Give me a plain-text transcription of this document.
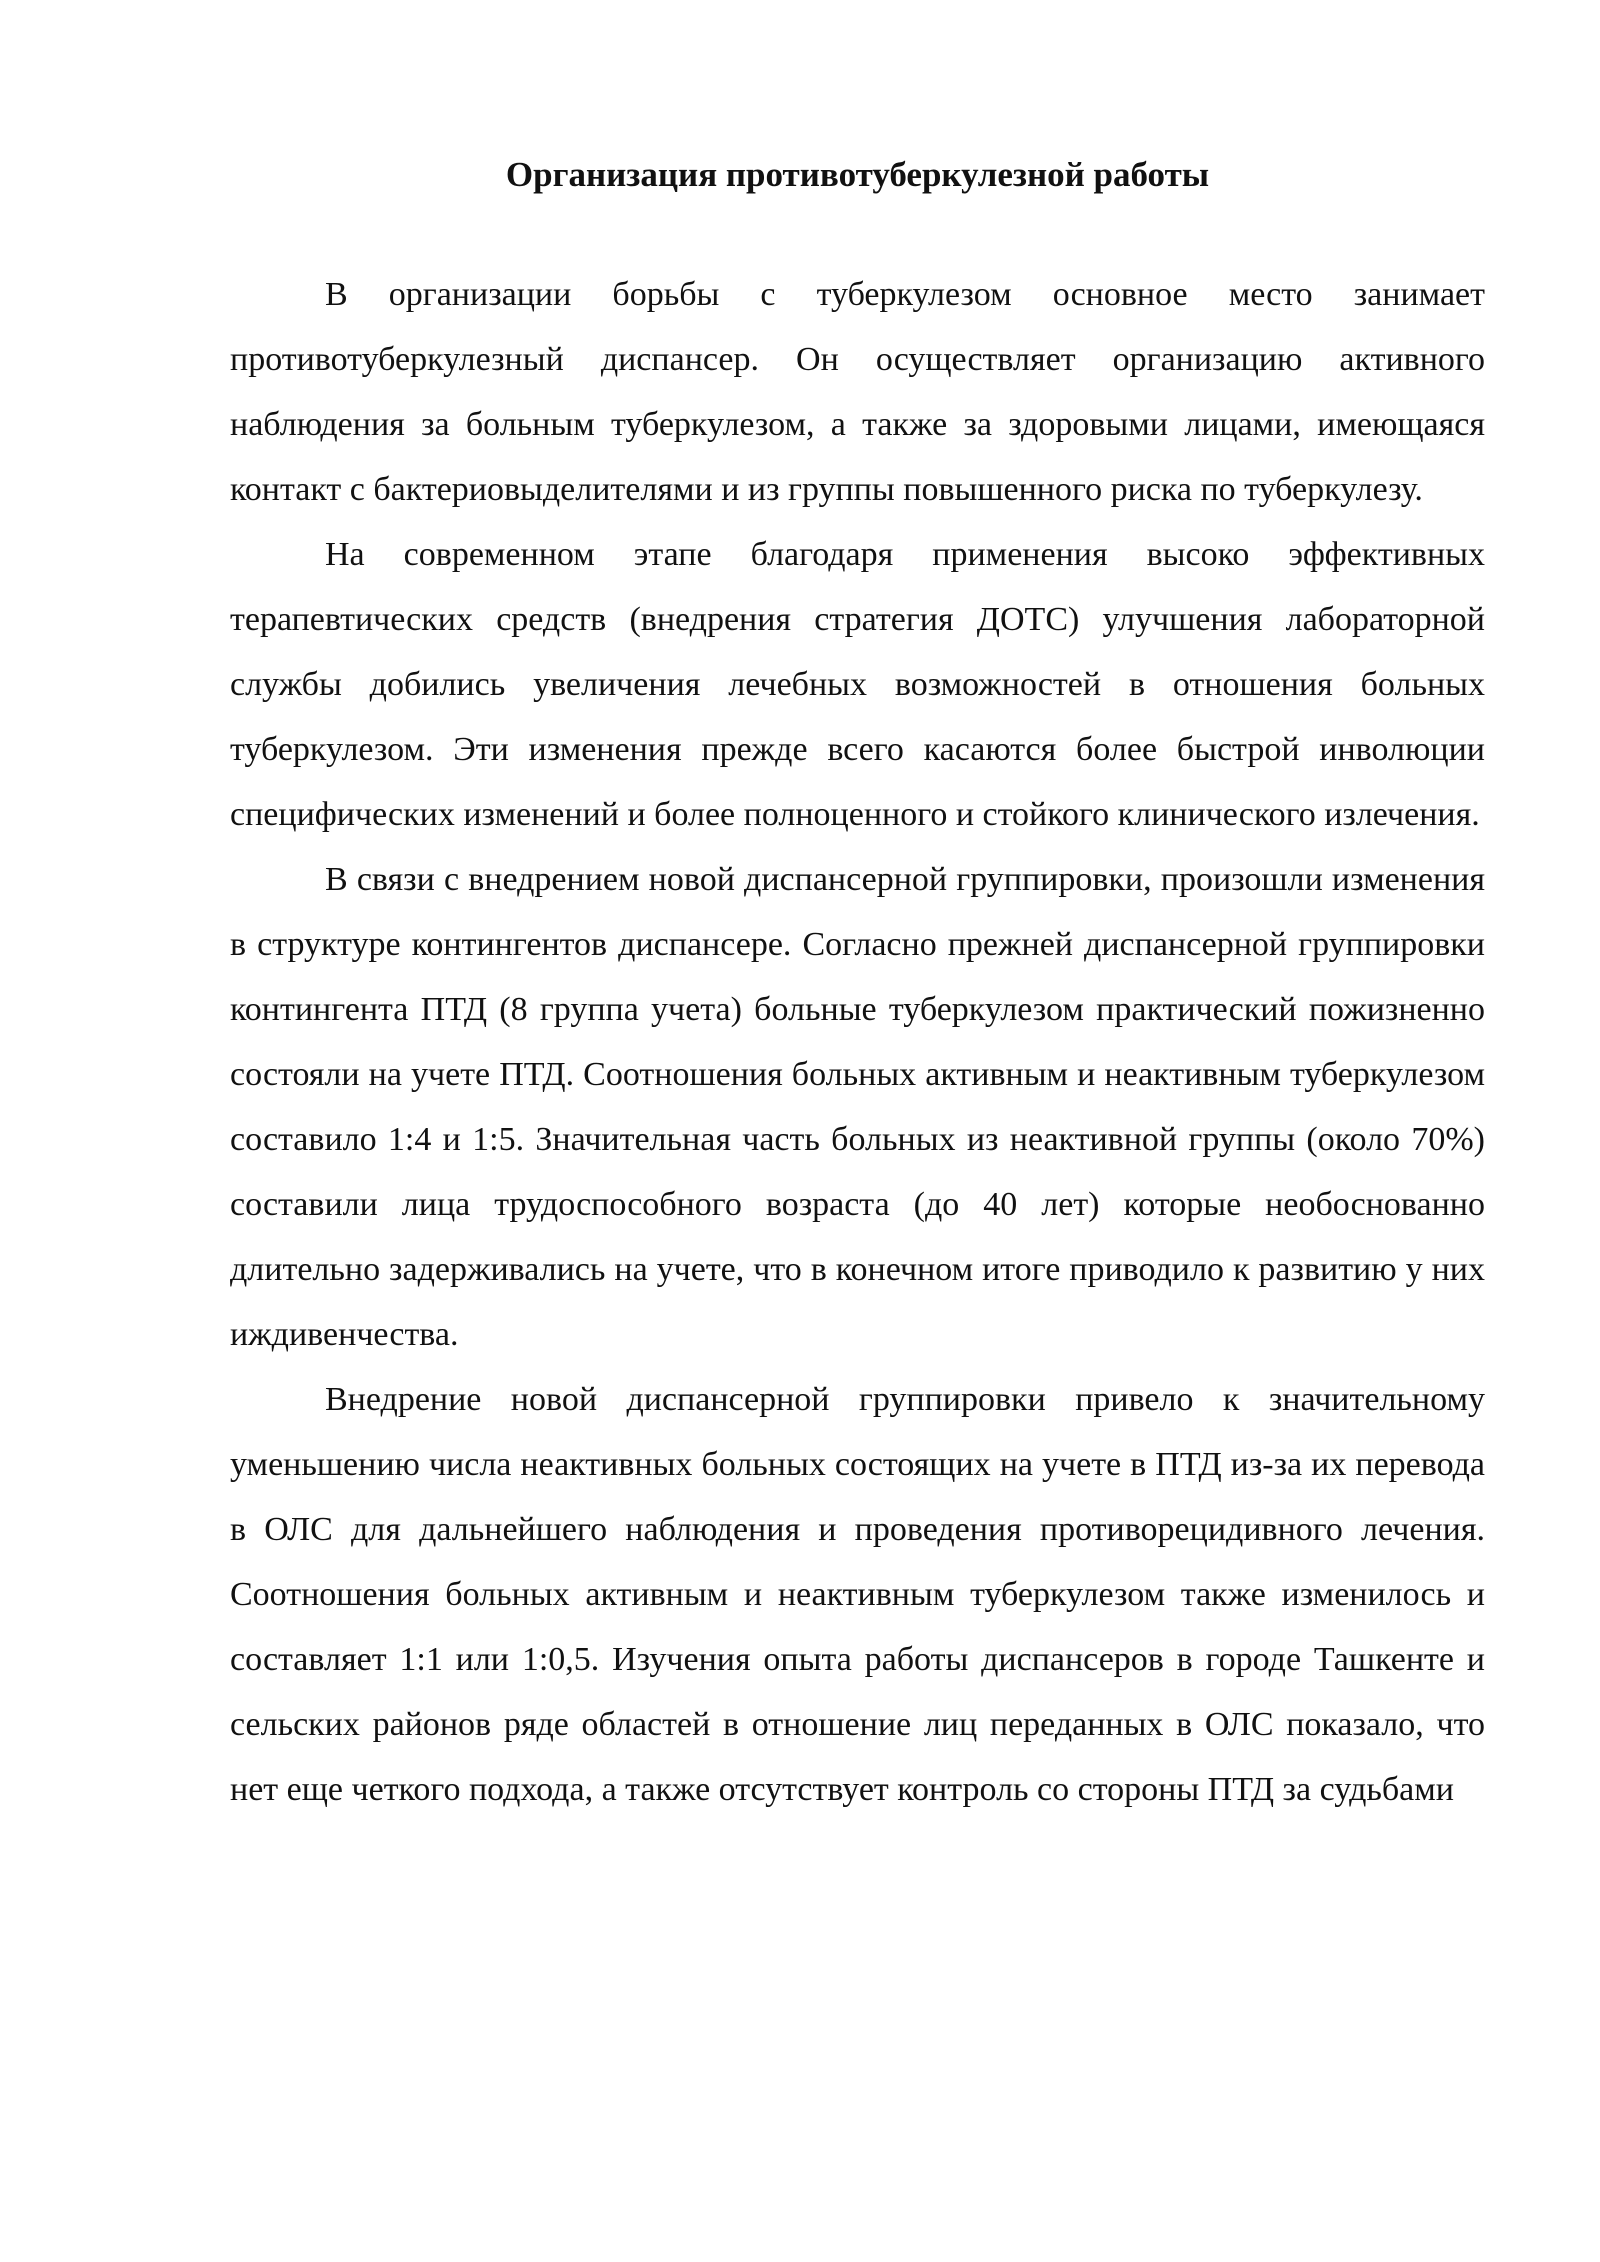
Организация противотуберкулезной работы

В организации борьбы с туберкулезом основное место занимает противотуберкулезный диспансер. Он осуществляет организацию активного наблюдения за больным туберкулезом, а также за здоровыми лицами, имеющаяся контакт с бактериовыделителями и из группы повышенного риска по туберкулезу.

На современном этапе благодаря применения высоко эффективных терапевтических средств (внедрения стратегия ДОТС) улучшения лабораторной службы добились увеличения лечебных возможностей в отношения больных туберкулезом. Эти изменения прежде всего касаются более быстрой инволюции специфических изменений и более полноценного и стойкого клинического излечения.

В связи с внедрением новой диспансерной группировки, произошли изменения в структуре контингентов диспансере. Согласно прежней диспансерной группировки контингента ПТД (8 группа учета) больные туберкулезом практический пожизненно состояли на учете ПТД. Соотношения больных активным и неактивным туберкулезом составило 1:4 и 1:5. Значительная часть больных из неактивной группы (около 70%) составили лица трудоспособного возраста (до 40 лет) которые необоснованно длительно задерживались на учете, что в конечном итоге приводило к развитию у них иждивенчества.

Внедрение новой диспансерной группировки привело к значительному уменьшению числа неактивных больных состоящих на учете в ПТД из-за их перевода в ОЛС для дальнейшего наблюдения и проведения противорецидивного лечения. Соотношения больных активным и неактивным туберкулезом также изменилось и составляет 1:1 или 1:0,5. Изучения опыта работы диспансеров в городе Ташкенте и сельских районов ряде областей в отношение лиц переданных в ОЛС показало, что нет еще четкого подхода, а также отсутствует контроль со стороны ПТД за судьбами
